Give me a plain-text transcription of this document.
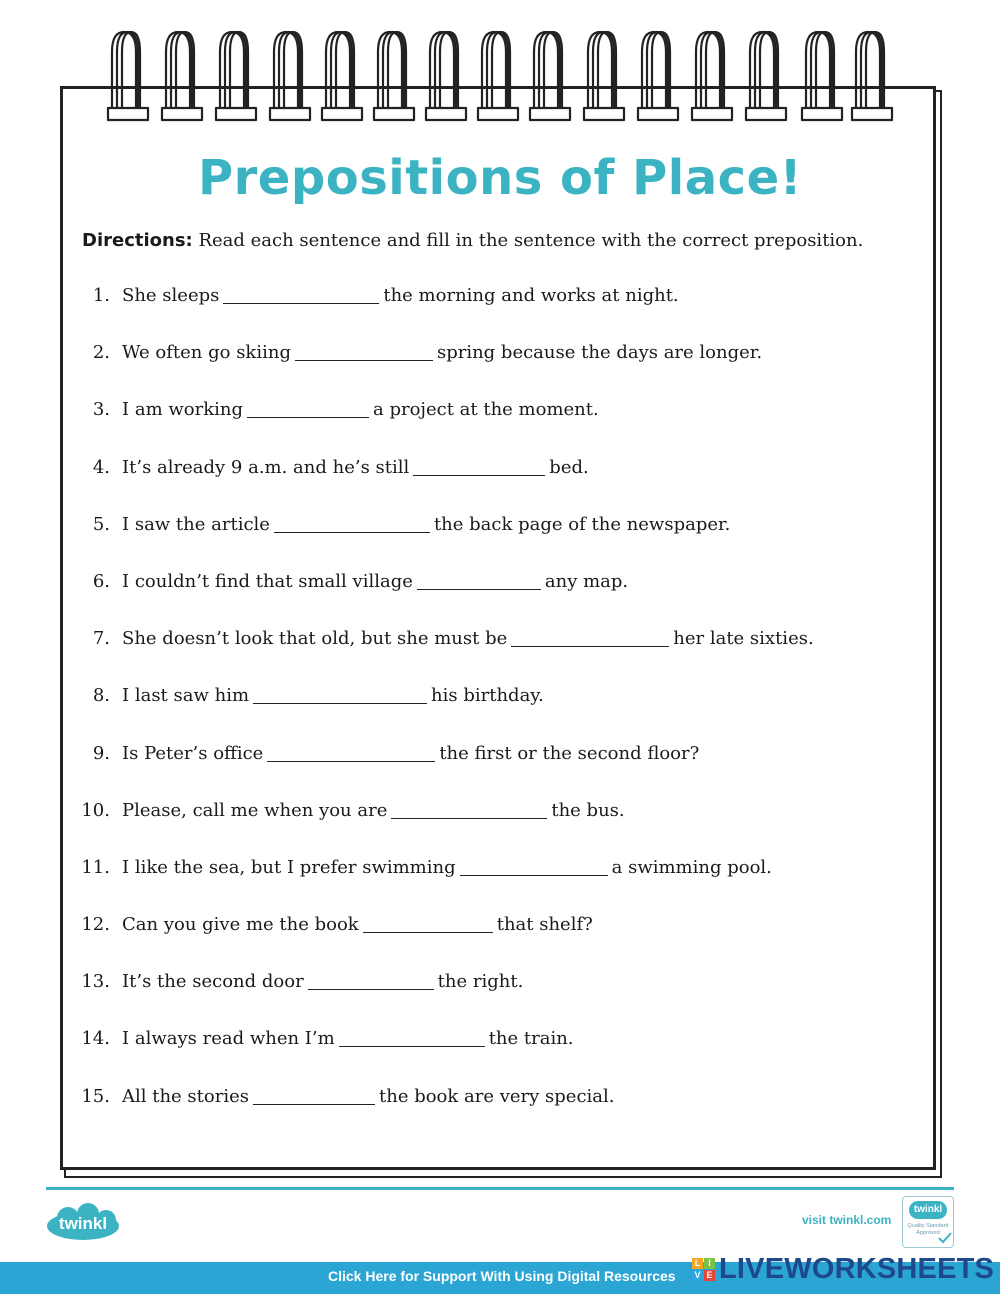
Prepositions of Place!

Directions: Read each sentence and fill in the sentence with the correct preposition.

1. She sleeps	the morning and works at night.
2. We often go skiing	spring because the days are longer.
3. I am working	a project at the moment.
4. It’s already 9 a.m. and he’s still	bed.
5. I saw the article	the back page of the newspaper.
6. I couldn’t find that small village	any map.
7. She doesn’t look that old, but she must be	her late sixties.
8. I last saw him	his birthday.
9. Is Peter’s office	the first or the second floor?
10. Please, call me when you are	the bus.
11. I like the sea, but I prefer swimming	a swimming pool.
12. Can you give me the book	that shelf?
13. It’s the second door	the right.
14. I always read when I’m	the train.
15. All the stories	the book are very special.
twinkl	visit twinkl.com
twinkl
Quality Standard Approved
Click Here for Support With Using Digital Resources
L I
V E LIVEWORKSHEETS
